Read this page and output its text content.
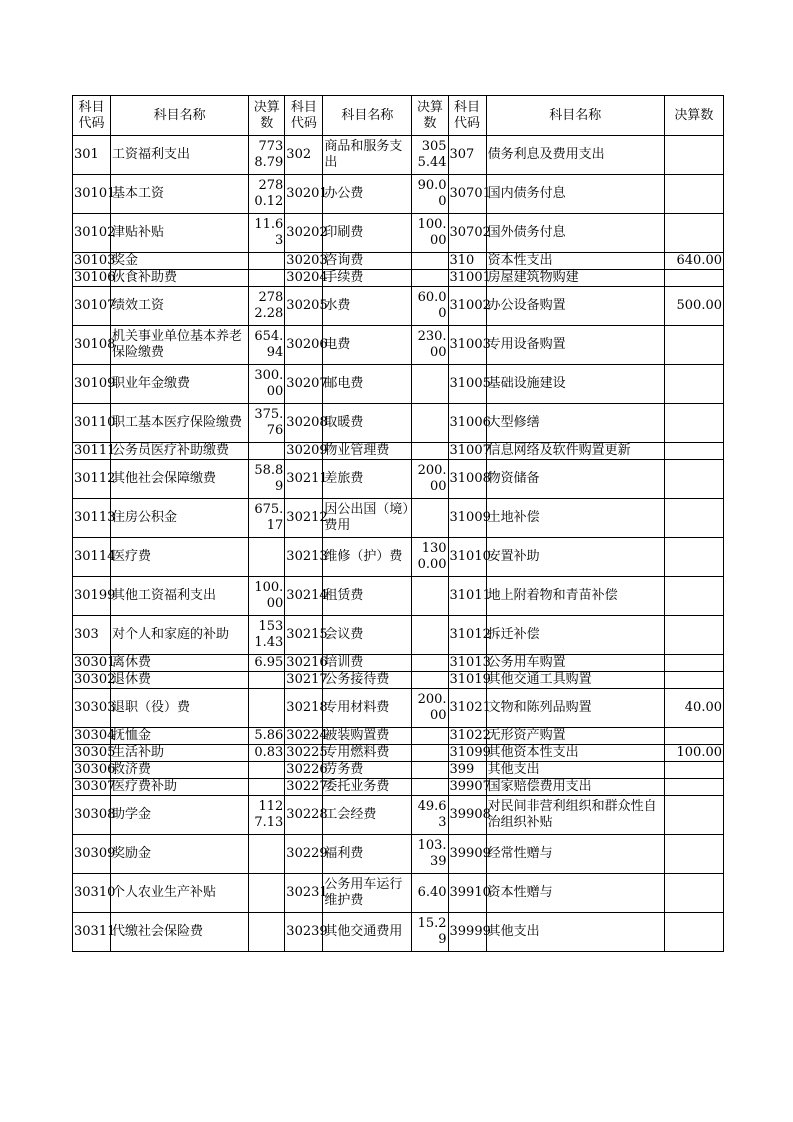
科目代码	科目名称	决算数	科目代码	科目名称	决算数	科目代码	科目名称	决算数
301	工资福利支出	7738.79	302	商品和服务支出	3055.44	307	债务利息及费用支出	
30101	基本工资	2780.12	30201	办公费	90.00	30701	国内债务付息	
30102	津贴补贴	11.63	30202	印刷费	100.00	30702	国外债务付息	
30103	奖金		30203	咨询费		310	资本性支出	640.00
30106	伙食补助费		30204	手续费		31001	房屋建筑物购建	
30107	绩效工资	2782.28	30205	水费	60.00	31002	办公设备购置	500.00
30108	机关事业单位基本养老保险缴费	654.94	30206	电费	230.00	31003	专用设备购置	
30109	职业年金缴费	300.00	30207	邮电费		31005	基础设施建设	
30110	职工基本医疗保险缴费	375.76	30208	取暖费		31006	大型修缮	
30111	公务员医疗补助缴费		30209	物业管理费		31007	信息网络及软件购置更新	
30112	其他社会保障缴费	58.89	30211	差旅费	200.00	31008	物资储备	
30113	住房公积金	675.17	30212	因公出国（境）费用		31009	土地补偿	
30114	医疗费		30213	维修（护）费	1300.00	31010	安置补助	
30199	其他工资福利支出	100.00	30214	租赁费		31011	地上附着物和青苗补偿	
303	对个人和家庭的补助	1531.43	30215	会议费		31012	拆迁补偿	
30301	离休费	6.95	30216	培训费		31013	公务用车购置	
30302	退休费		30217	公务接待费		31019	其他交通工具购置	
30303	退职（役）费		30218	专用材料费	200.00	31021	文物和陈列品购置	40.00
30304	抚恤金	5.86	30224	被装购置费		31022	无形资产购置	
30305	生活补助	0.83	30225	专用燃料费		31099	其他资本性支出	100.00
30306	救济费		30226	劳务费		399	其他支出	
30307	医疗费补助		30227	委托业务费		39907	国家赔偿费用支出	
30308	助学金	1127.13	30228	工会经费	49.63	39908	对民间非营利组织和群众性自治组织补贴	
30309	奖励金		30229	福利费	103.39	39909	经常性赠与	
30310	个人农业生产补贴		30231	公务用车运行维护费	6.40	39910	资本性赠与	
30311	代缴社会保险费		30239	其他交通费用	15.29	39999	其他支出	
